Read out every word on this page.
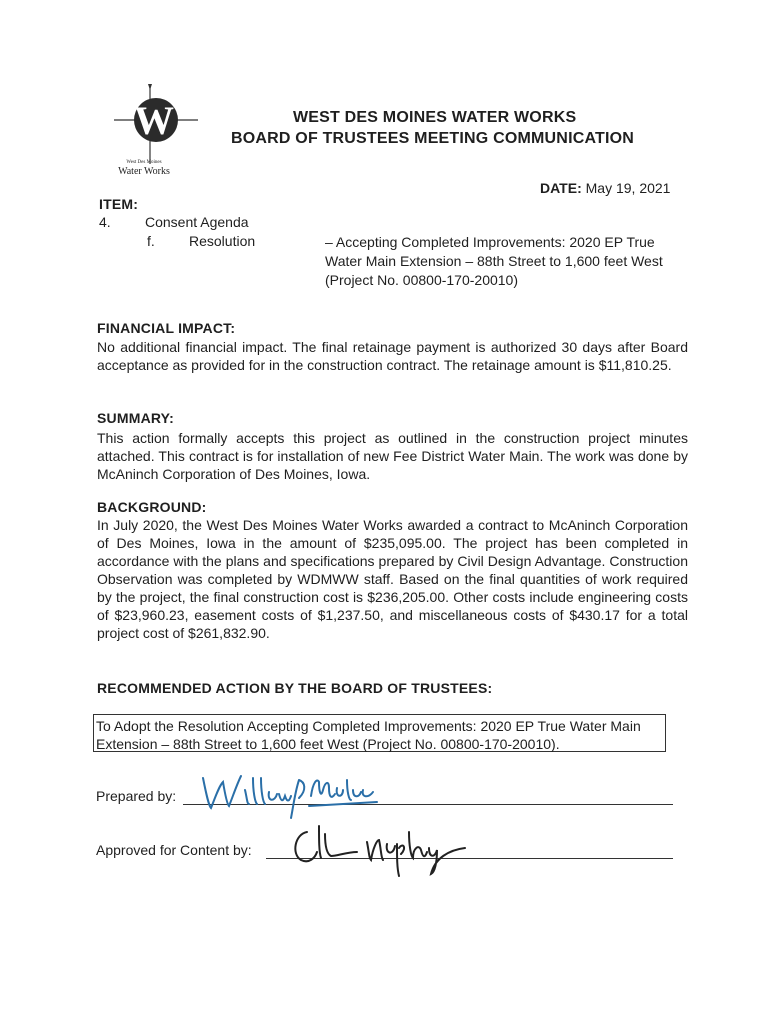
W
West Des Moines
Water Works
WEST DES MOINES WATER WORKS
BOARD OF TRUSTEES MEETING COMMUNICATION
DATE: May 19, 2021
ITEM:
4. Consent Agenda
f. Resolution	– Accepting Completed Improvements: 2020 EP True Water Main Extension – 88th Street to 1,600 feet West (Project No. 00800-170-20010)
FINANCIAL IMPACT:
No additional financial impact. The final retainage payment is authorized 30 days after Board acceptance as provided for in the construction contract. The retainage amount is $11,810.25.
SUMMARY:
This action formally accepts this project as outlined in the construction project minutes attached. This contract is for installation of new Fee District Water Main. The work was done by McAninch Corporation of Des Moines, Iowa.
BACKGROUND:
In July 2020, the West Des Moines Water Works awarded a contract to McAninch Corporation of Des Moines, Iowa in the amount of $235,095.00. The project has been completed in accordance with the plans and specifications prepared by Civil Design Advantage. Construction Observation was completed by WDMWW staff. Based on the final quantities of work required by the project, the final construction cost is $236,205.00. Other costs include engineering costs of $23,960.23, easement costs of $1,237.50, and miscellaneous costs of $430.17 for a total project cost of $261,832.90.
RECOMMENDED ACTION BY THE BOARD OF TRUSTEES:
To Adopt the Resolution Accepting Completed Improvements: 2020 EP True Water Main Extension – 88th Street to 1,600 feet West (Project No. 00800-170-20010).
Prepared by:
Approved for Content by:
